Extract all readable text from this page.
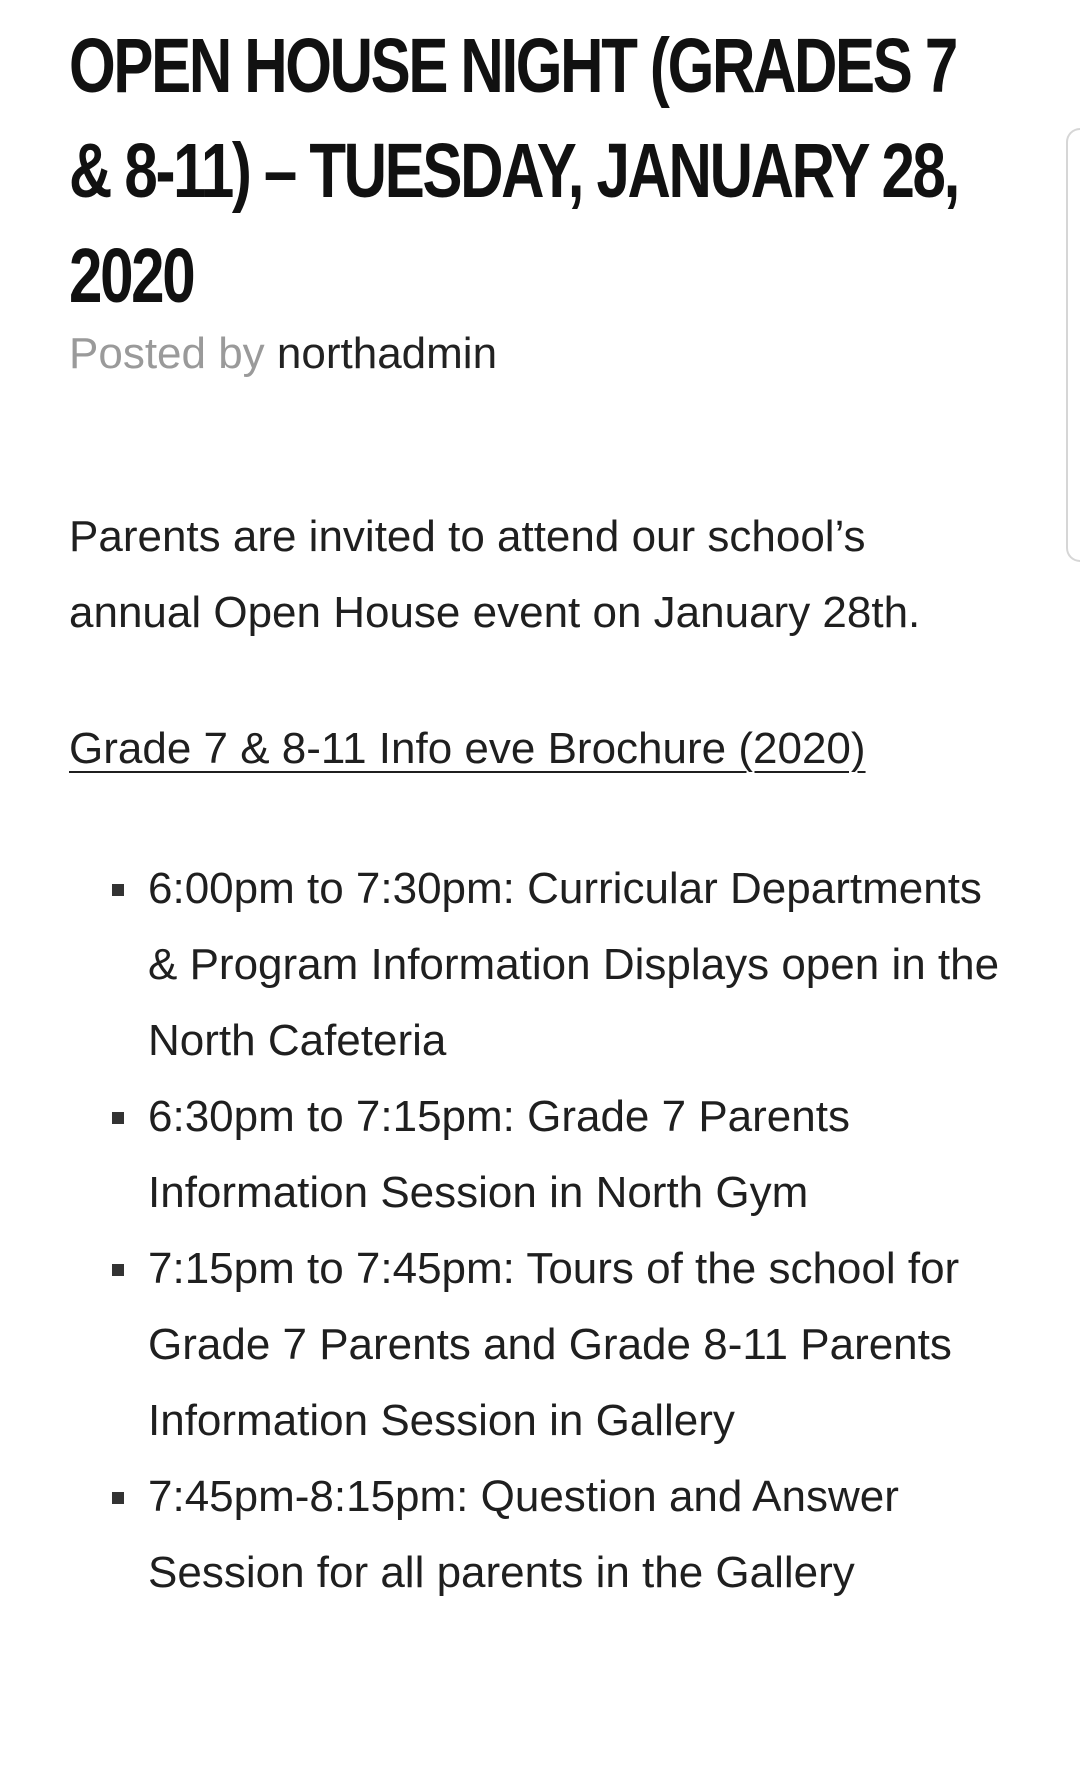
OPEN HOUSE NIGHT (GRADES 7 & 8-11) – TUESDAY, JANUARY 28, 2020
Posted by northadmin

Parents are invited to attend our school’s annual Open House event on January 28th.

Grade 7 & 8-11 Info eve Brochure (2020)
6:00pm to 7:30pm: Curricular Departments & Program Information Displays open in the North Cafeteria
6:30pm to 7:15pm: Grade 7 Parents Information Session in North Gym
7:15pm to 7:45pm: Tours of the school for Grade 7 Parents and Grade 8-11 Parents Information Session in Gallery
7:45pm-8:15pm: Question and Answer Session for all parents in the Gallery
